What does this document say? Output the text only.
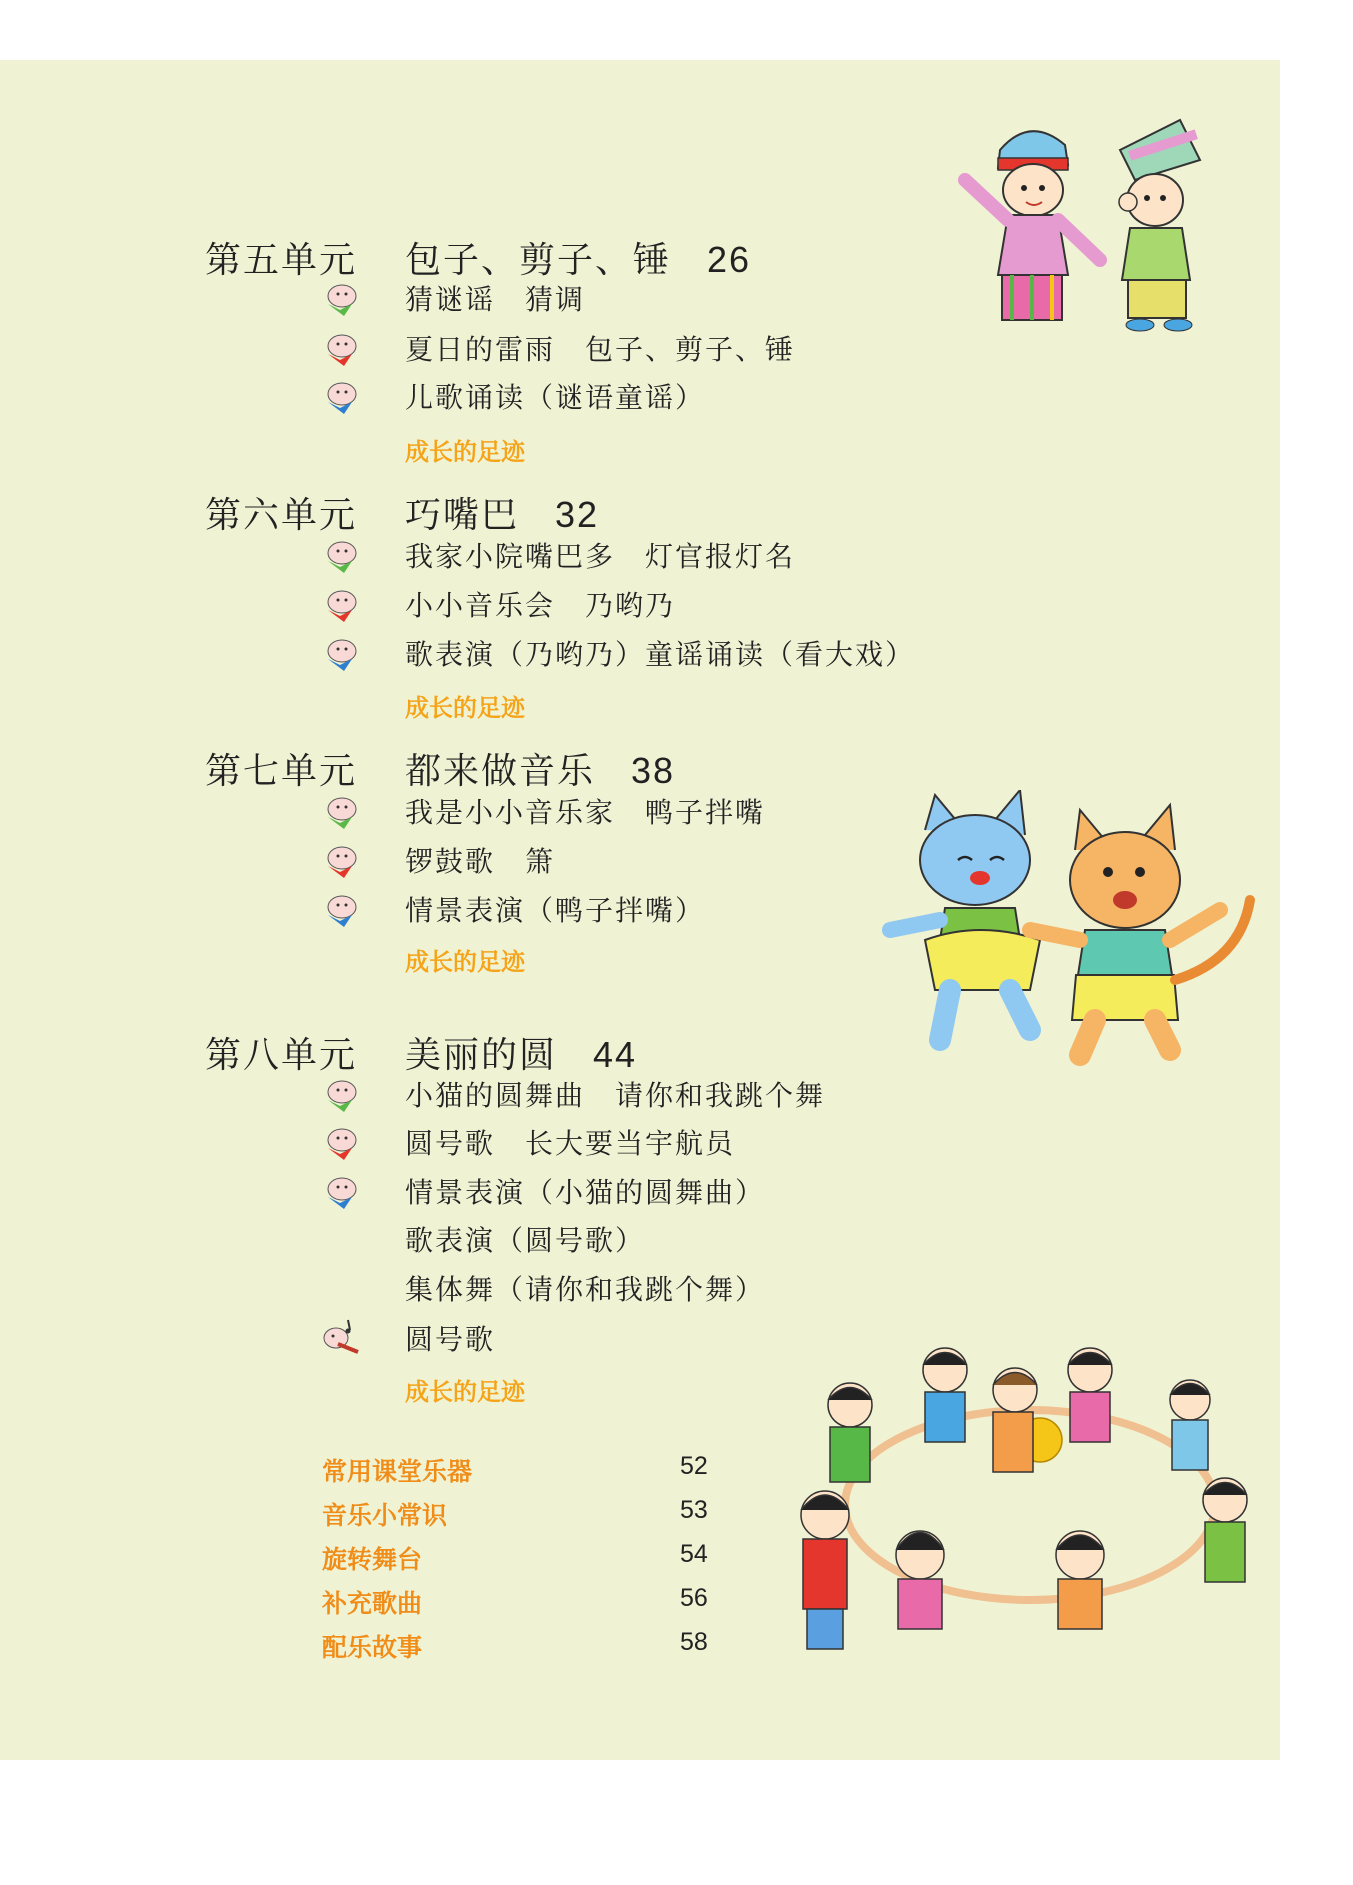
第五单元 包子、剪子、锤 26
猜谜谣　猜调
夏日的雷雨　包子、剪子、锤
儿歌诵读（谜语童谣）
成长的足迹
第六单元 巧嘴巴 32
我家小院嘴巴多　灯官报灯名
小小音乐会　乃哟乃
歌表演（乃哟乃）童谣诵读（看大戏）
成长的足迹
第七单元 都来做音乐 38
我是小小音乐家　鸭子拌嘴
锣鼓歌　箫
情景表演（鸭子拌嘴）
成长的足迹
第八单元 美丽的圆 44
小猫的圆舞曲　请你和我跳个舞
圆号歌　长大要当宇航员
情景表演（小猫的圆舞曲）
歌表演（圆号歌）
集体舞（请你和我跳个舞）
圆号歌
成长的足迹
常用课堂乐器	52
音乐小常识	53
旋转舞台	54
补充歌曲	56
配乐故事	58
